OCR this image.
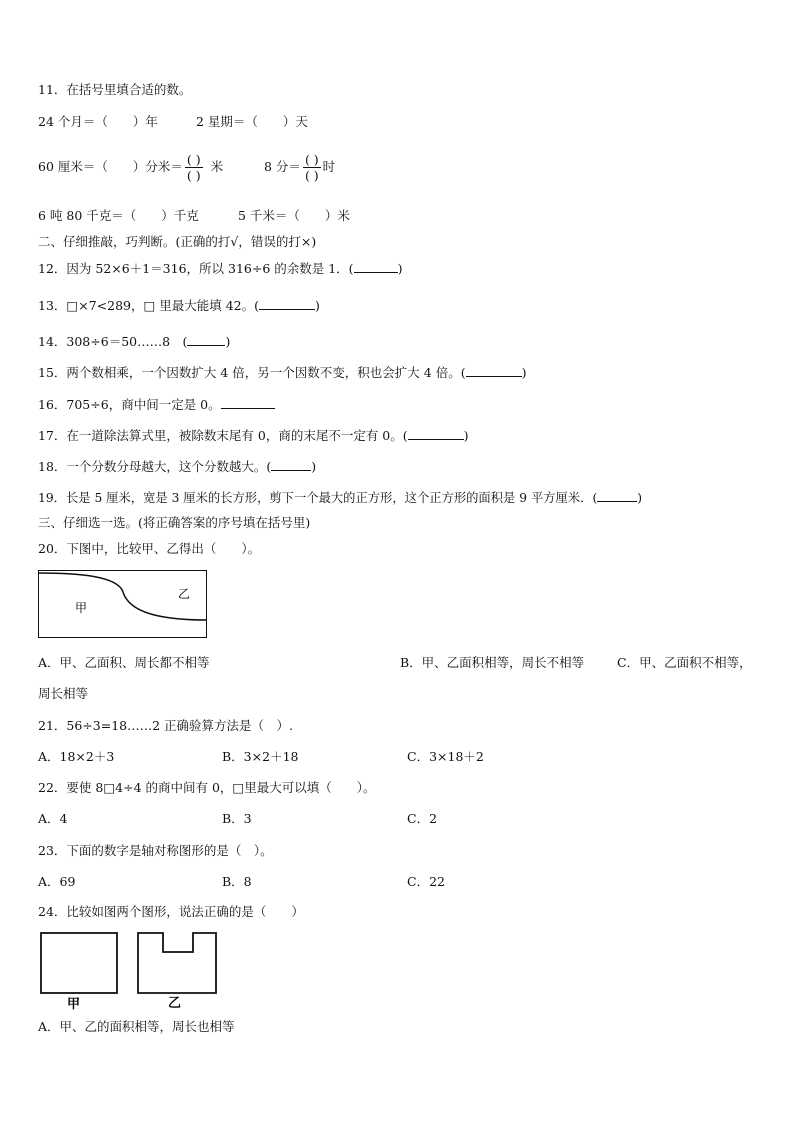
11．在括号里填合适的数。
24 个月＝（　　）年	2 星期＝（　　）天
60 厘米＝（　　）分米＝ $\frac{( )}{( )}$ 米	8 分＝ $\frac{( )}{( )}$ 时
6 吨 80 千克＝（　　）千克	5 千米＝（　　）米
二、仔细推敲，巧判断。(正确的打√，错误的打×)
12．因为 52×6＋1＝316，所以 316÷6 的余数是 1．(	)
13．□×7<289，□ 里最大能填 42。(	)
14．308÷6＝50……8　(	)
15．两个数相乘，一个因数扩大 4 倍，另一个因数不变，积也会扩大 4 倍。(	)
16．705÷6，商中间一定是 0。
17．在一道除法算式里，被除数末尾有 0，商的末尾不一定有 0。(	)
18．一个分数分母越大，这个分数越大。(	)
19．长是 5 厘米，宽是 3 厘米的长方形，剪下一个最大的正方形，这个正方形的面积是 9 平方厘米．(	)
三、仔细选一选。(将正确答案的序号填在括号里)
20．下图中，比较甲、乙得出（　　）。
甲
乙
A．甲、乙面积、周长都不相等	B．甲、乙面积相等，周长不相等	C．甲、乙面积不相等，
周长相等
21．56÷3=18……2 正确验算方法是（　）.
A．18×2＋3	B．3×2＋18	C．3×18＋2
22．要使 8□4÷4 的商中间有 0，□里最大可以填（　　）。
A．4	B．3	C．2
23．下面的数字是轴对称图形的是（　）。
A．69	B．8	C．22
24．比较如图两个图形，说法正确的是（　　）
甲	乙
A．甲、乙的面积相等，周长也相等
